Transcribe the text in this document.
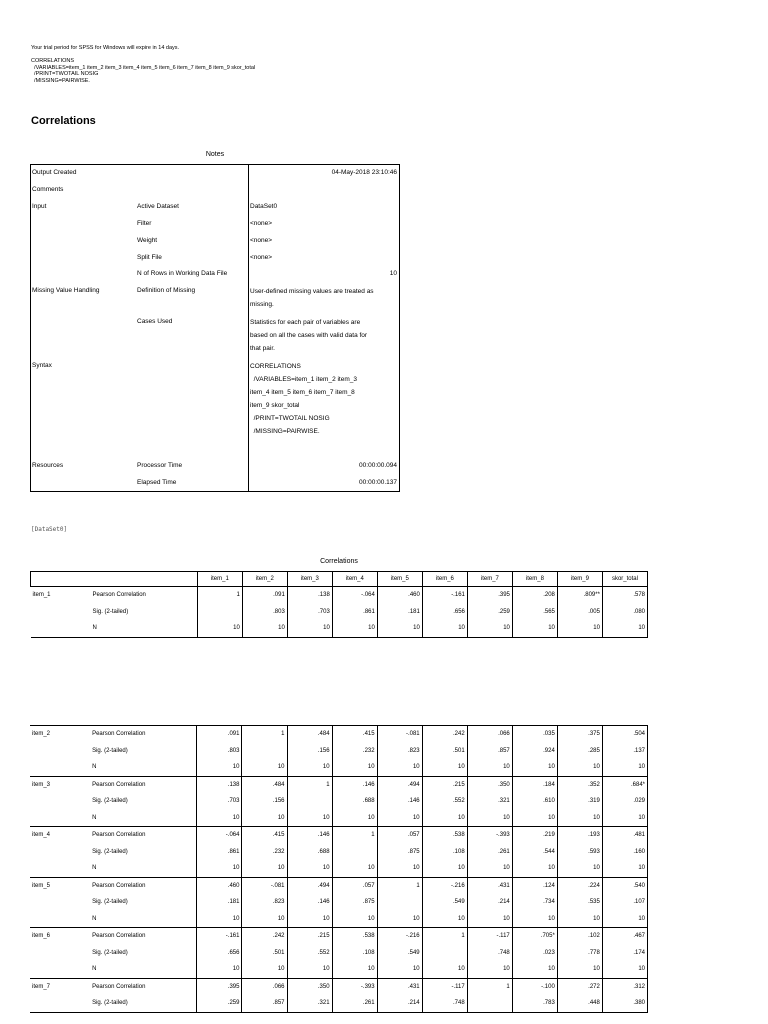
Your trial period for SPSS for Windows will expire in 14 days.
CORRELATIONS
/VARIABLES=item_1 item_2 item_3 item_4 item_5 item_6 item_7 item_8 item_9 skor_total
/PRINT=TWOTAIL NOSIG
/MISSING=PAIRWISE.
Correlations
Notes
Output Created	04-May-2018 23:10:46
Comments
Input	Active Dataset	DataSet0
Filter	<none>
Weight	<none>
Split File	<none>
N of Rows in Working Data File	10
Missing Value Handling	Definition of Missing	User-defined missing values are treated as
missing.
Cases Used	Statistics for each pair of variables are
based on all the cases with valid data for
that pair.
Syntax	CORRELATIONS
/VARIABLES=item_1 item_2 item_3
item_4 item_5 item_6 item_7 item_8
item_9 skor_total
/PRINT=TWOTAIL NOSIG
/MISSING=PAIRWISE.
Resources	Processor Time	00:00:00.094
Elapsed Time	00:00:00.137
[DataSet0]
Correlations
		item_1	item_2	item_3	item_4	item_5	item_6	item_7	item_8	item_9	skor_total
item_1	Pearson Correlation	1	.091	.138	-.064	.460	-.161	.395	.208	.809**	.578
	Sig. (2-tailed)		.803	.703	.861	.181	.656	.259	.565	.005	.080
	N	10	10	10	10	10	10	10	10	10	10
item_2	Pearson Correlation	.091	1	.484	.415	-.081	.242	.066	.035	.375	.504
	Sig. (2-tailed)	.803		.156	.232	.823	.501	.857	.924	.285	.137
	N	10	10	10	10	10	10	10	10	10	10
item_3	Pearson Correlation	.138	.484	1	.146	.494	.215	.350	.184	.352	.684*
	Sig. (2-tailed)	.703	.156		.688	.146	.552	.321	.610	.319	.029
	N	10	10	10	10	10	10	10	10	10	10
item_4	Pearson Correlation	-.064	.415	.146	1	.057	.538	-.393	.219	.193	.481
	Sig. (2-tailed)	.861	.232	.688		.875	.108	.261	.544	.593	.160
	N	10	10	10	10	10	10	10	10	10	10
item_5	Pearson Correlation	.460	-.081	.494	.057	1	-.216	.431	.124	.224	.540
	Sig. (2-tailed)	.181	.823	.146	.875		.549	.214	.734	.535	.107
	N	10	10	10	10	10	10	10	10	10	10
item_6	Pearson Correlation	-.161	.242	.215	.538	-.216	1	-.117	.705*	.102	.467
	Sig. (2-tailed)	.656	.501	.552	.108	.549		.748	.023	.778	.174
	N	10	10	10	10	10	10	10	10	10	10
item_7	Pearson Correlation	.395	.066	.350	-.393	.431	-.117	1	-.100	.272	.312
	Sig. (2-tailed)	.259	.857	.321	.261	.214	.748		.783	.448	.380
